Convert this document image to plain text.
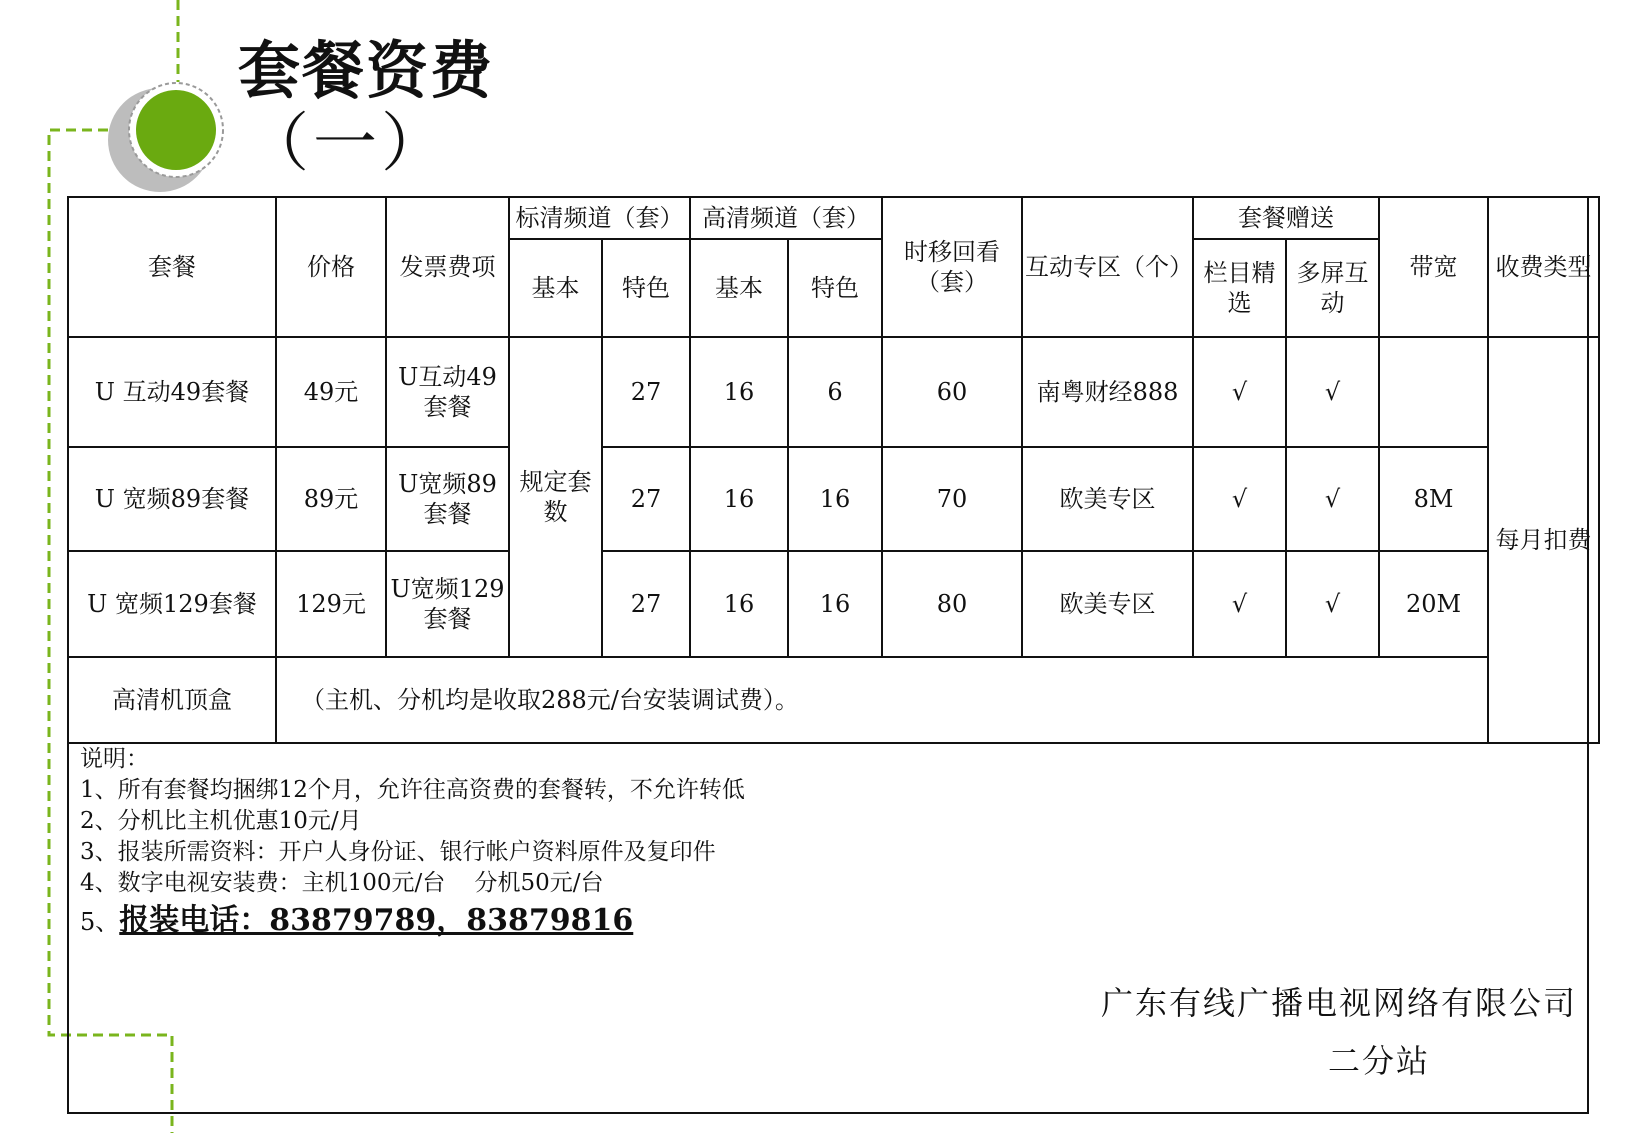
套餐资费
（一）
套餐	价格	发票费项	标清频道（套）		高清频道（套）		时移回看（套）	互动专区（个）	套餐赠送		带宽	收费类型
			基本	特色	基本	特色			栏目精选	多屏互动		
U 互动49套餐	49元	U互动49套餐	规定套数	27	16	6	60	南粤财经888	√	√		每月扣费
U 宽频89套餐	89元	U宽频89套餐		27	16	16	70	欧美专区	√	√	8M	
U 宽频129套餐	129元	U宽频129套餐		27	16	16	80	欧美专区	√	√	20M	
高清机顶盒	（主机、分机均是收取288元/台安装调试费）。											
说明：
1、所有套餐均捆绑12个月，允许往高资费的套餐转，不允许转低
2、分机比主机优惠10元/月
3、报装所需资料：开户人身份证、银行帐户资料原件及复印件
4、数字电视安装费：主机100元/台    分机50元/台
5、报装电话：83879789，83879816
广东有线广播电视网络有限公司
二分站
